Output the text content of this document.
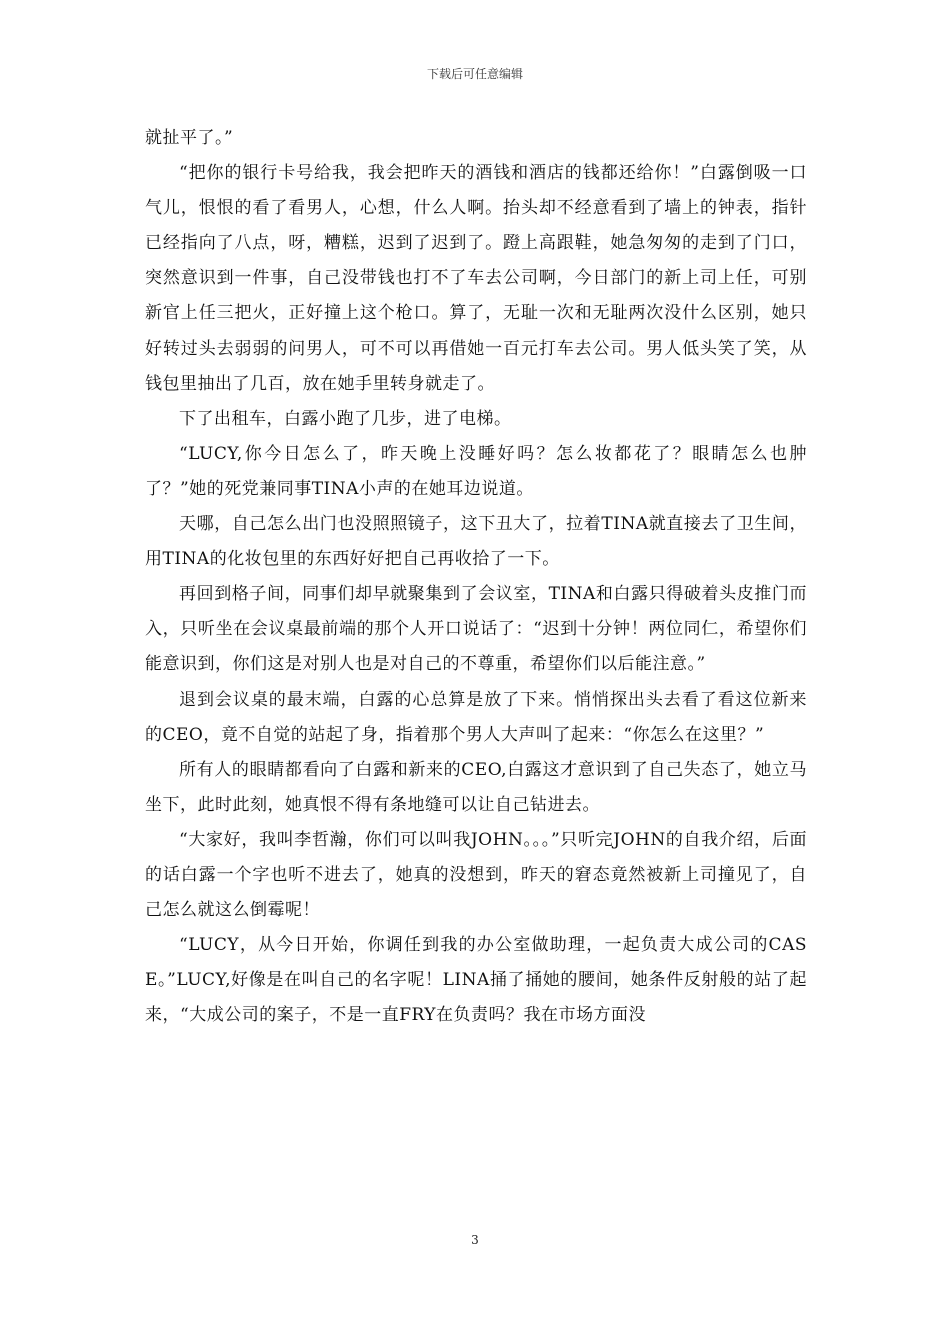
下载后可任意编辑

就扯平了。”

“把你的银行卡号给我，我会把昨天的酒钱和酒店的钱都还给你！”白露倒吸一口气儿，恨恨的看了看男人，心想，什么人啊。抬头却不经意看到了墙上的钟表，指针已经指向了八点，呀，糟糕，迟到了迟到了。蹬上高跟鞋，她急匆匆的走到了门口，突然意识到一件事，自己没带钱也打不了车去公司啊，今日部门的新上司上任，可别新官上任三把火，正好撞上这个枪口。算了，无耻一次和无耻两次没什么区别，她只好转过头去弱弱的问男人，可不可以再借她一百元打车去公司。男人低头笑了笑，从钱包里抽出了几百，放在她手里转身就走了。

下了出租车，白露小跑了几步，进了电梯。

“LUCY,你今日怎么了，昨天晚上没睡好吗？怎么妆都花了？眼睛怎么也肿了？”她的死党兼同事TINA小声的在她耳边说道。

天哪，自己怎么出门也没照照镜子，这下丑大了，拉着TINA就直接去了卫生间，用TINA的化妆包里的东西好好把自己再收拾了一下。

再回到格子间，同事们却早就聚集到了会议室，TINA和白露只得破着头皮推门而入，只听坐在会议桌最前端的那个人开口说话了：“迟到十分钟！两位同仁，希望你们能意识到，你们这是对别人也是对自己的不尊重，希望你们以后能注意。”

退到会议桌的最末端，白露的心总算是放了下来。悄悄探出头去看了看这位新来的CEO，竟不自觉的站起了身，指着那个男人大声叫了起来：“你怎么在这里？”

所有人的眼睛都看向了白露和新来的CEO,白露这才意识到了自己失态了，她立马坐下，此时此刻，她真恨不得有条地缝可以让自己钻进去。

“大家好，我叫李哲瀚，你们可以叫我JOHN。。。”只听完JOHN的自我介绍，后面的话白露一个字也听不进去了，她真的没想到，昨天的窘态竟然被新上司撞见了，自己怎么就这么倒霉呢！

“LUCY，从今日开始，你调任到我的办公室做助理，一起负责大成公司的CASE。”LUCY,好像是在叫自己的名字呢！LINA捅了捅她的腰间，她条件反射般的站了起来，“大成公司的案子，不是一直FRY在负责吗？我在市场方面没

3
